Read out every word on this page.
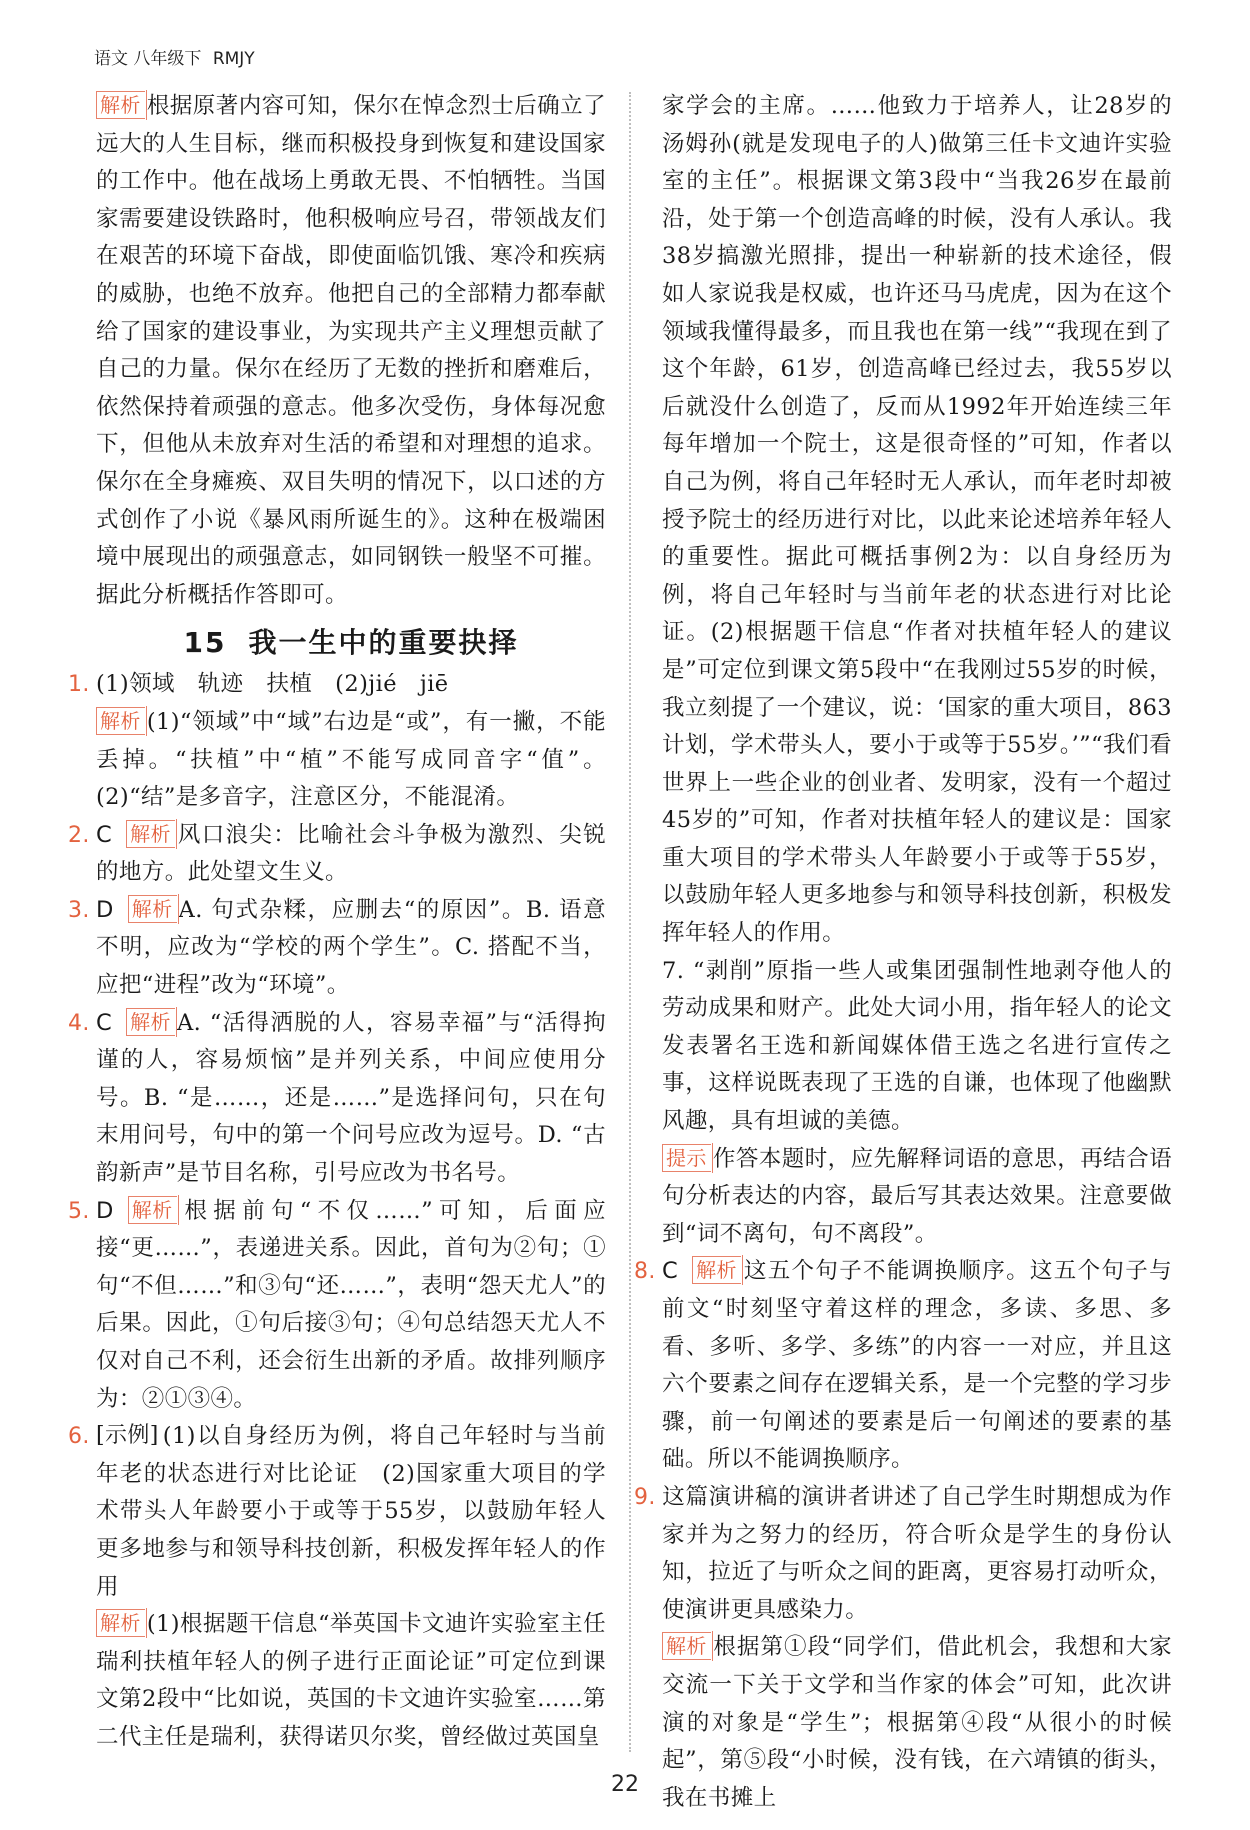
语文 八年级下 RMJY

解析 根据原著内容可知，保尔在悼念烈士后确立了远大的人生目标，继而积极投身到恢复和建设国家的工作中。他在战场上勇敢无畏、不怕牺牲。当国家需要建设铁路时，他积极响应号召，带领战友们在艰苦的环境下奋战，即使面临饥饿、寒冷和疾病的威胁，也绝不放弃。他把自己的全部精力都奉献给了国家的建设事业，为实现共产主义理想贡献了自己的力量。保尔在经历了无数的挫折和磨难后，依然保持着顽强的意志。他多次受伤，身体每况愈下，但他从未放弃对生活的希望和对理想的追求。保尔在全身瘫痪、双目失明的情况下，以口述的方式创作了小说《暴风雨所诞生的》。这种在极端困境中展现出的顽强意志，如同钢铁一般坚不可摧。据此分析概括作答即可。

15 我一生中的重要抉择

1. (1)领域　轨迹　扶植　(2)jié　jiē
解析 (1)“领域”中“域”右边是“或”，有一撇，不能丢掉。“扶植”中“植”不能写成同音字“值”。(2)“结”是多音字，注意区分，不能混淆。

2. C 解析 风口浪尖：比喻社会斗争极为激烈、尖锐的地方。此处望文生义。

3. D 解析 A. 句式杂糅，应删去“的原因”。B. 语意不明，应改为“学校的两个学生”。C. 搭配不当，应把“进程”改为“环境”。

4. C 解析 A. “活得洒脱的人，容易幸福”与“活得拘谨的人，容易烦恼”是并列关系，中间应使用分号。B. “是……，还是……”是选择问句，只在句末用问号，句中的第一个问号应改为逗号。D. “古韵新声”是节目名称，引号应改为书名号。

5. D 解析 根据前句“不仅……”可知，后面应接“更……”，表递进关系。因此，首句为②句；①句“不但……”和③句“还……”，表明“怨天尤人”的后果。因此，①句后接③句；④句总结怨天尤人不仅对自己不利，还会衍生出新的矛盾。故排列顺序为：②①③④。

6. [示例] (1)以自身经历为例，将自己年轻时与当前年老的状态进行对比论证　(2)国家重大项目的学术带头人年龄要小于或等于55岁，以鼓励年轻人更多地参与和领导科技创新，积极发挥年轻人的作用
解析 (1)根据题干信息“举英国卡文迪许实验室主任瑞利扶植年轻人的例子进行正面论证”可定位到课文第2段中“比如说，英国的卡文迪许实验室……第二代主任是瑞利，获得诺贝尔奖，曾经做过英国皇

家学会的主席。……他致力于培养人，让28岁的汤姆孙(就是发现电子的人)做第三任卡文迪许实验室的主任”。根据课文第3段中“当我26岁在最前沿，处于第一个创造高峰的时候，没有人承认。我38岁搞激光照排，提出一种崭新的技术途径，假如人家说我是权威，也许还马马虎虎，因为在这个领域我懂得最多，而且我也在第一线”“我现在到了这个年龄，61岁，创造高峰已经过去，我55岁以后就没什么创造了，反而从1992年开始连续三年每年增加一个院士，这是很奇怪的”可知，作者以自己为例，将自己年轻时无人承认，而年老时却被授予院士的经历进行对比，以此来论述培养年轻人的重要性。据此可概括事例2为：以自身经历为例，将自己年轻时与当前年老的状态进行对比论证。(2)根据题干信息“作者对扶植年轻人的建议是”可定位到课文第5段中“在我刚过55岁的时候，我立刻提了一个建议，说：‘国家的重大项目，863计划，学术带头人，要小于或等于55岁。’”“我们看世界上一些企业的创业者、发明家，没有一个超过45岁的”可知，作者对扶植年轻人的建议是：国家重大项目的学术带头人年龄要小于或等于55岁，以鼓励年轻人更多地参与和领导科技创新，积极发挥年轻人的作用。

7. “剥削”原指一些人或集团强制性地剥夺他人的劳动成果和财产。此处大词小用，指年轻人的论文发表署名王选和新闻媒体借王选之名进行宣传之事，这样说既表现了王选的自谦，也体现了他幽默风趣，具有坦诚的美德。

提示 作答本题时，应先解释词语的意思，再结合语句分析表达的内容，最后写其表达效果。注意要做到“词不离句，句不离段”。

8. C 解析 这五个句子不能调换顺序。这五个句子与前文“时刻坚守着这样的理念，多读、多思、多看、多听、多学、多练”的内容一一对应，并且这六个要素之间存在逻辑关系，是一个完整的学习步骤，前一句阐述的要素是后一句阐述的要素的基础。所以不能调换顺序。

9. 这篇演讲稿的演讲者讲述了自己学生时期想成为作家并为之努力的经历，符合听众是学生的身份认知，拉近了与听众之间的距离，更容易打动听众，使演讲更具感染力。
解析 根据第①段“同学们，借此机会，我想和大家交流一下关于文学和当作家的体会”可知，此次讲演的对象是“学生”；根据第④段“从很小的时候起”，第⑤段“小时候，没有钱，在六靖镇的街头，我在书摊上

22
